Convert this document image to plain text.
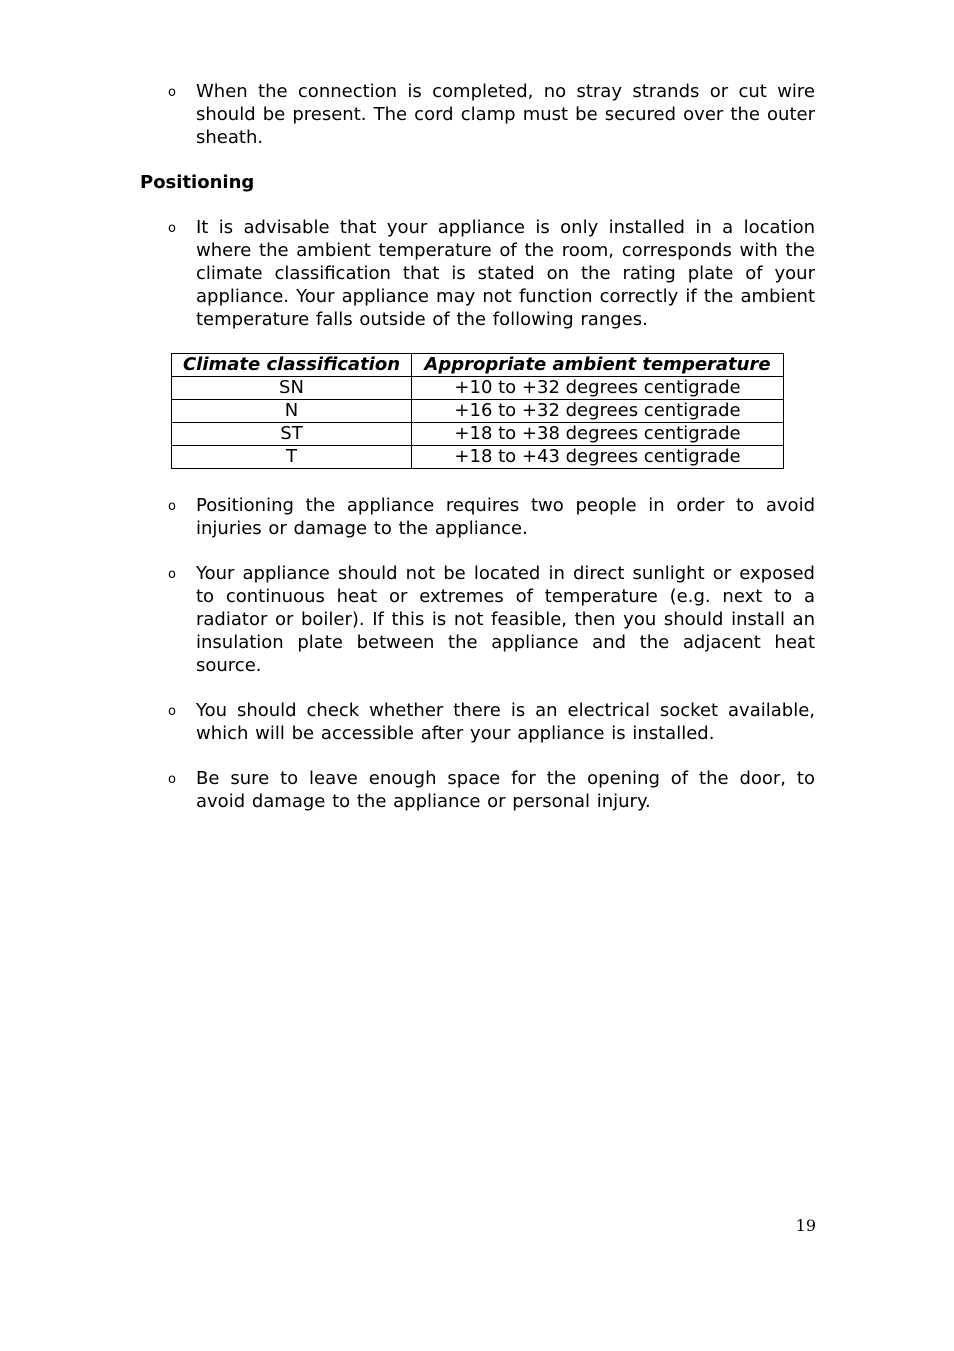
o When the connection is completed, no stray strands or cut wire should be present. The cord clamp must be secured over the outer sheath.
Positioning
o It is advisable that your appliance is only installed in a location where the ambient temperature of the room, corresponds with the climate classification that is stated on the rating plate of your appliance. Your appliance may not function correctly if the ambient temperature falls outside of the following ranges.
Climate classification	Appropriate ambient temperature
SN	+10 to +32 degrees centigrade
N	+16 to +32 degrees centigrade
ST	+18 to +38 degrees centigrade
T	+18 to +43 degrees centigrade
o Positioning the appliance requires two people in order to avoid injuries or damage to the appliance.
o Your appliance should not be located in direct sunlight or exposed to continuous heat or extremes of temperature (e.g. next to a radiator or boiler). If this is not feasible, then you should install an insulation plate between the appliance and the adjacent heat source.
o You should check whether there is an electrical socket available, which will be accessible after your appliance is installed.
o Be sure to leave enough space for the opening of the door, to avoid damage to the appliance or personal injury.
19
